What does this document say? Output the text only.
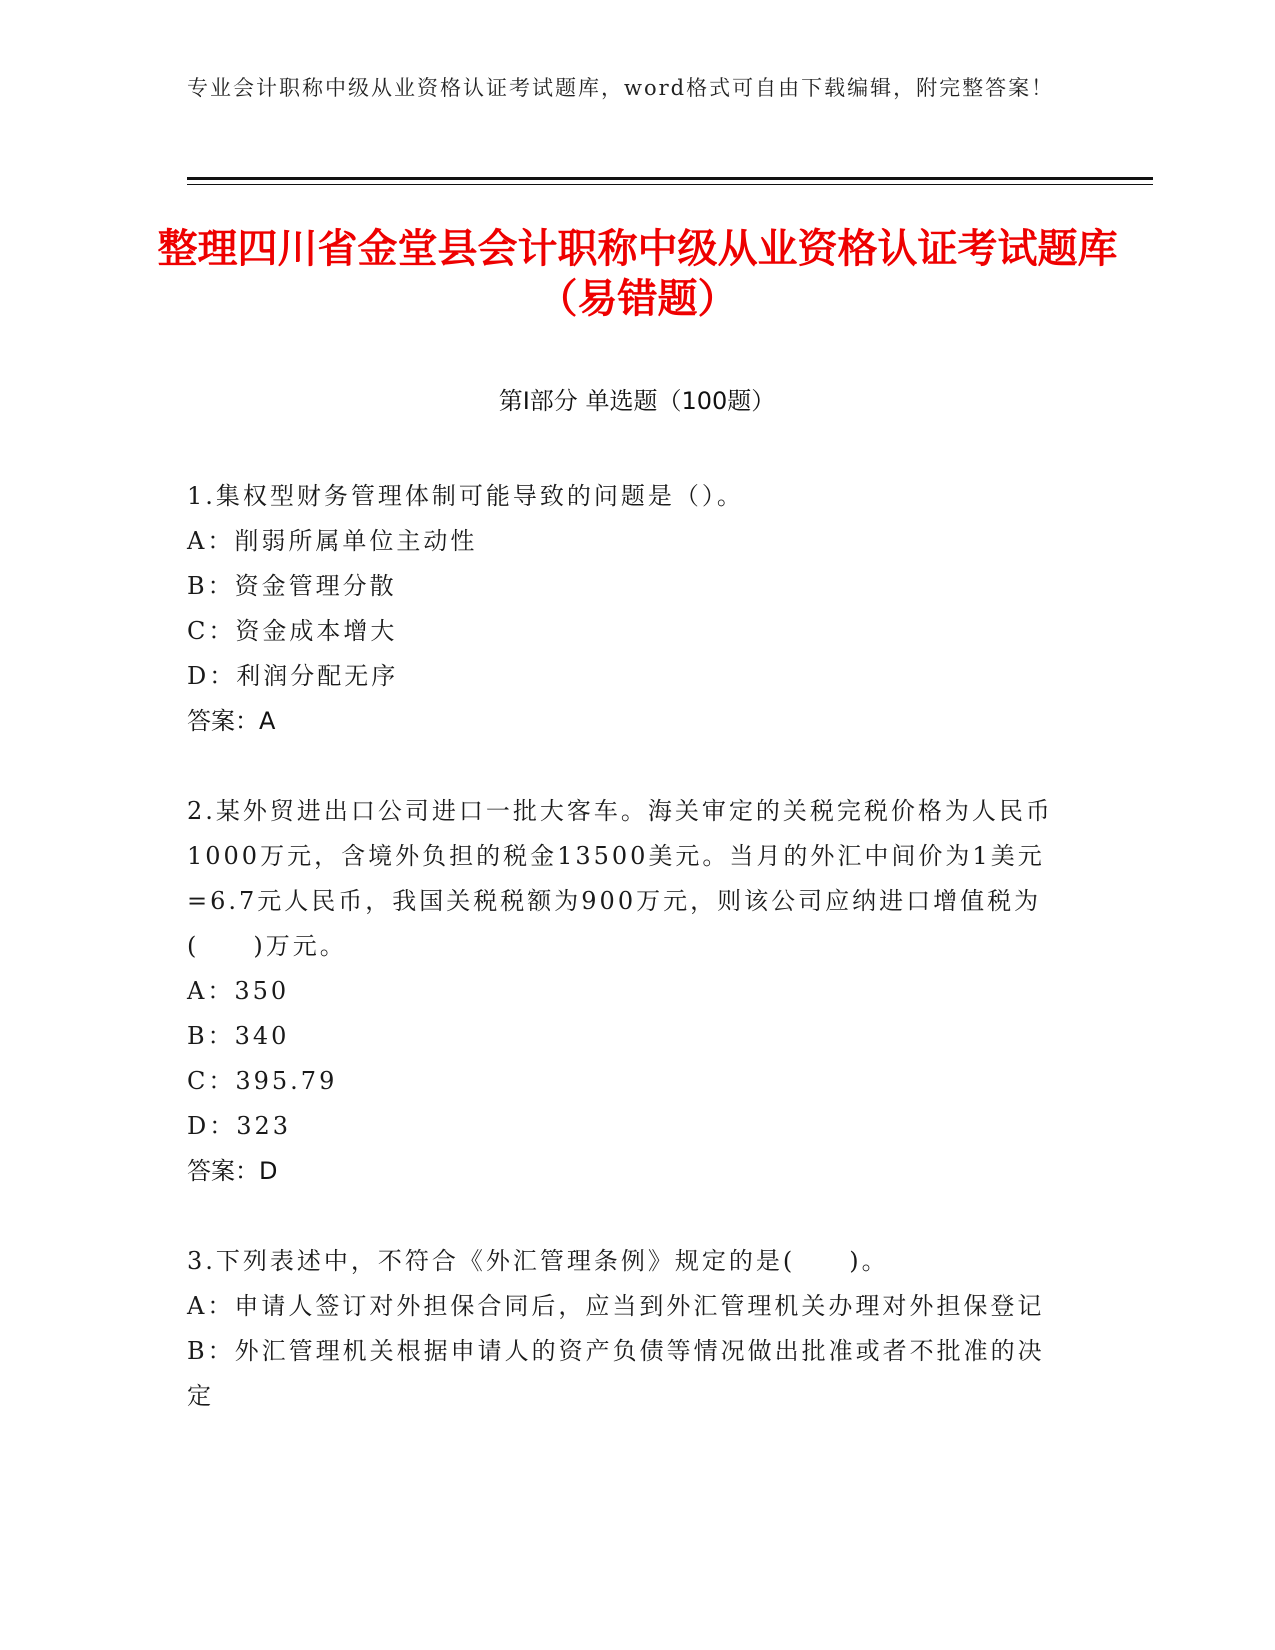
专业会计职称中级从业资格认证考试题库，word格式可自由下载编辑，附完整答案！
整理四川省金堂县会计职称中级从业资格认证考试题库（易错题）
第Ⅰ部分 单选题（100题）
1.集权型财务管理体制可能导致的问题是（）。
A：削弱所属单位主动性
B：资金管理分散
C：资金成本增大
D：利润分配无序
答案：A
2.某外贸进出口公司进口一批大客车。海关审定的关税完税价格为人民币1000万元，含境外负担的税金13500美元。当月的外汇中间价为1美元=6.7元人民币，我国关税税额为900万元，则该公司应纳进口增值税为(　　)万元。
A：350
B：340
C：395.79
D：323
答案：D
3.下列表述中，不符合《外汇管理条例》规定的是(　　)。
A：申请人签订对外担保合同后，应当到外汇管理机关办理对外担保登记
B：外汇管理机关根据申请人的资产负债等情况做出批准或者不批准的决定
